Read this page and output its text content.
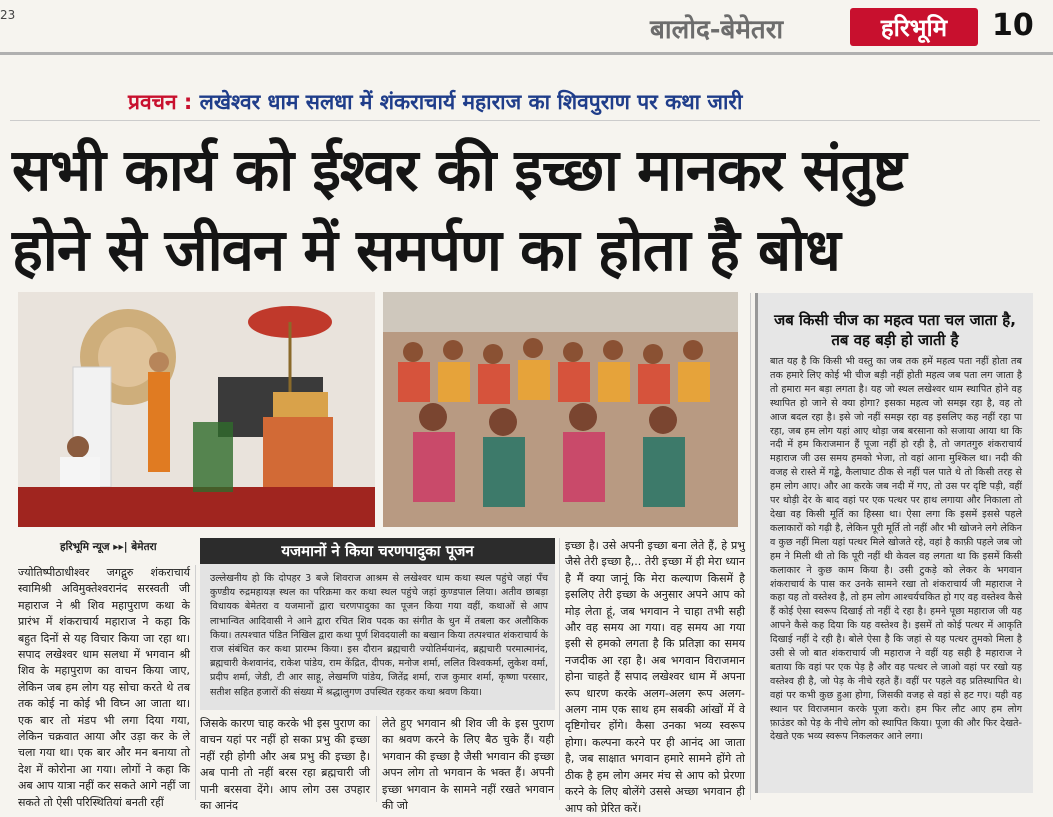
23	बालोद-बेमेतरा	हरिभूमि 10
प्रवचन : लखेश्वर धाम सलधा में शंकराचार्य महाराज का शिवपुराण पर कथा जारी
सभी कार्य को ईश्वर की इच्छा मानकर संतुष्ट
होने से जीवन में समर्पण का होता है बोध
जब किसी चीज का महत्व पता चल जाता है, तब वह बड़ी हो जाती है
बात यह है कि किसी भी वस्तु का जब तक हमें महत्व पता नहीं होता तब तक हमारे लिए कोई भी चीज बड़ी नहीं होती महत्व जब पता लग जाता है तो हमारा मन बड़ा लगता है। यह जो स्थल लखेश्वर धाम स्थापित होने वह स्थापित हो जाने से क्या होगा? इसका महत्व जो समझ रहा है, वह तो आज बदल रहा है। इसे जो नहीं समझ रहा वह इसलिए कह नहीं रहा पा रहा, जब हम लोग यहां आए थोड़ा जब बरसाना को सजाया आया था कि नदी में हम किराजमान हैं पूजा नहीं हो रही है, तो जगतगुरु शंकराचार्य महाराज जी उस समय हमको भेजा, तो वहां आना मुश्किल था। नदी की वजह से रास्ते में गड्ढे, कैलाघाट ठीक से नहीं पल पाते थे तो किसी तरह से हम लोग आए। और आ करके जब नदी में गए, तो उस पर दृष्टि पड़ी, वहीं पर थोड़ी देर के बाद वहां पर एक पत्थर पर हाथ लगाया और निकाला तो देखा वह किसी मूर्ति का हिस्सा था। ऐसा लगा कि इसमें इससे पहले कलाकारों को गढ़ी है, लेकिन पूरी मूर्ति तो नहीं और भी खोजने लगे लेकिन व कुछ नहीं मिला यहां पत्थर मिले खोजते रहे, वहां है काफ़ी पहले जब जो हम ने मिली थी तो कि पूरी नहीं थी केवल वह लगता था कि इसमें किसी कलाकार ने कुछ काम किया है। उसी टुकड़े को लेकर के भगवान शंकराचार्य के पास कर उनके सामने रखा तो शंकराचार्य जी महाराज ने कहा यह तो वस्तेश्व है, तो हम लोग आश्चर्यचकित हो गए वह वस्तेश्व कैसे हैं कोई ऐसा स्वरूप दिखाई तो नहीं दे रहा है। हमने पूछा महाराज जी यह आपने कैसे कह दिया कि यह वस्तेश्व है। इसमें तो कोई पत्थर में आकृति दिखाई नहीं दे रही है। बोले ऐसा है कि जहां से यह पत्थर तुमको मिला है उसी से जो बात शंकराचार्य जी महाराज ने वहीं यह सही है महाराज ने बताया कि वहां पर एक पेड़ है और वह पत्थर ले जाओ वहां पर रखो यह वस्तेश्व ही है, जो पेड़ के नीचे रहते हैं। वहीं पर पहले वह प्रतिस्थापित थे। वहां पर कभी कुछ हुआ होगा, जिसकी वजह से वहां से हट गए। यही वह स्थान पर विराजमान करके पूजा करो। हम फिर लौट आए हम लोग फ़ाउंडर को पेड़ के नीचे लोग को स्थापित किया। पूजा की और फिर देखते-देखते एक भव्य स्वरूप निकलकर आने लगा।
हरिभूमि न्यूज ▸▸| बेमेतरा
ज्योतिष्पीठाधीश्वर जगद्गुरु शंकराचार्य स्वामिश्री अविमुक्तेश्वरानंद सरस्वती जी महाराज ने श्री शिव महापुराण कथा के प्रारंभ में शंकराचार्य महाराज ने कहा कि बहुत दिनों से यह विचार किया जा रहा था। सपाद लखेश्वर धाम सलधा में भगवान श्री शिव के महापुराण का वाचन किया जाए, लेकिन जब हम लोग यह सोचा करते थे तब तक कोई ना कोई भी विघ्न आ जाता था। एक बार तो मंडप भी लगा दिया गया, लेकिन चक्रवात आया और उड़ा कर के ले चला गया था। एक बार और मन बनाया तो देश में कोरोना आ गया। लोगों ने कहा कि अब आप यात्रा नहीं कर सकते आगे नहीं जा सकते तो ऐसी परिस्थितियां बनती रहीं
यजमानों ने किया चरणपादुका पूजन
उल्लेखनीय हो कि दोपहर 3 बजे शिवराज आश्रम से लखेश्वर धाम कथा स्थल पहुंचे जहां पँच कुण्डीय रुद्रमहायज्ञ स्थल का परिक्रमा कर कथा स्थल पहुंचे जहां कुण्डपाल लिया। अतीव छाबड़ा विधायक बेमेतरा व यजमानों द्वारा चरणपादुका का पूजन किया गया वहीं, कथाओं से आप लाभान्वित आदिवासी ने आने द्वारा रचित शिव पदक का संगीत के धुन में तबला कर अलौकिक किया। तत्पश्चात पंडित निखिल द्वारा कथा पूर्ण शिवदयाली का बखान किया तत्पश्चात शंकराचार्य के राज संबंधित कर कथा प्रारम्भ किया। इस दौरान ब्रह्मचारी ज्योतिर्मयानंद, ब्रह्मचारी परमात्मानंद, ब्रह्मचारी केशवानंद, राकेश पांडेय, राम केंद्रित, दीपक, मनोज शर्मा, ललित विश्वकर्मा, लुकेश वर्मा, प्रदीप शर्मा, जेडी, टी आर साहू, लेखमणि पांडेय, जितेंद्र शर्मा, राज कुमार शर्मा, कृष्णा परसार, सतीश सहित हजारों की संख्या में श्रद्धालुगण उपस्थित रहकर कथा श्रवण किया।
जिसके कारण चाह करके भी इस पुराण का वाचन यहां पर नहीं हो सका प्रभु की इच्छा नहीं रही होगी और अब प्रभु की इच्छा है। अब पानी तो नहीं बरस रहा ब्रह्मचारी जी पानी बरसवा देंगे। आप लोग उस उपहार का आनंद
लेते हुए भगवान श्री शिव जी के इस पुराण का श्रवण करने के लिए बैठ चुके हैं। यही भगवान की इच्छा है जैसी भगवान की इच्छा अपन लोग तो भगवान के भक्त हैं। अपनी इच्छा भगवान के सामने नहीं रखते भगवान की जो
इच्छा है। उसे अपनी इच्छा बना लेते हैं, हे प्रभु जैसे तेरी इच्छा है,.. तेरी इच्छा में ही मेरा ध्यान है मैं क्या जानूं कि मेरा कल्याण किसमें है इसलिए तेरी इच्छा के अनुसार अपने आप को मोड़ लेता हूं, जब भगवान ने चाहा तभी सही और वह समय आ गया। वह समय आ गया इसी से हमको लगता है कि प्रतिज्ञा का समय नजदीक आ रहा है। अब भगवान विराजमान होना चाहते हैं सपाद लखेश्वर धाम में अपना रूप धारण करके अलग-अलग रूप अलग-अलग नाम एक साथ हम सबकी आंखों में वे दृष्टिगोचर होंगे। कैसा उनका भव्य स्वरूप होगा। कल्पना करने पर ही आनंद आ जाता है, जब साक्षात भगवान हमारे सामने होंगे तो ठीक है हम लोग अमर मंच से आप को प्रेरणा करने के लिए बोलेंगे उससे अच्छा भगवान ही आप को प्रेरित करें।
